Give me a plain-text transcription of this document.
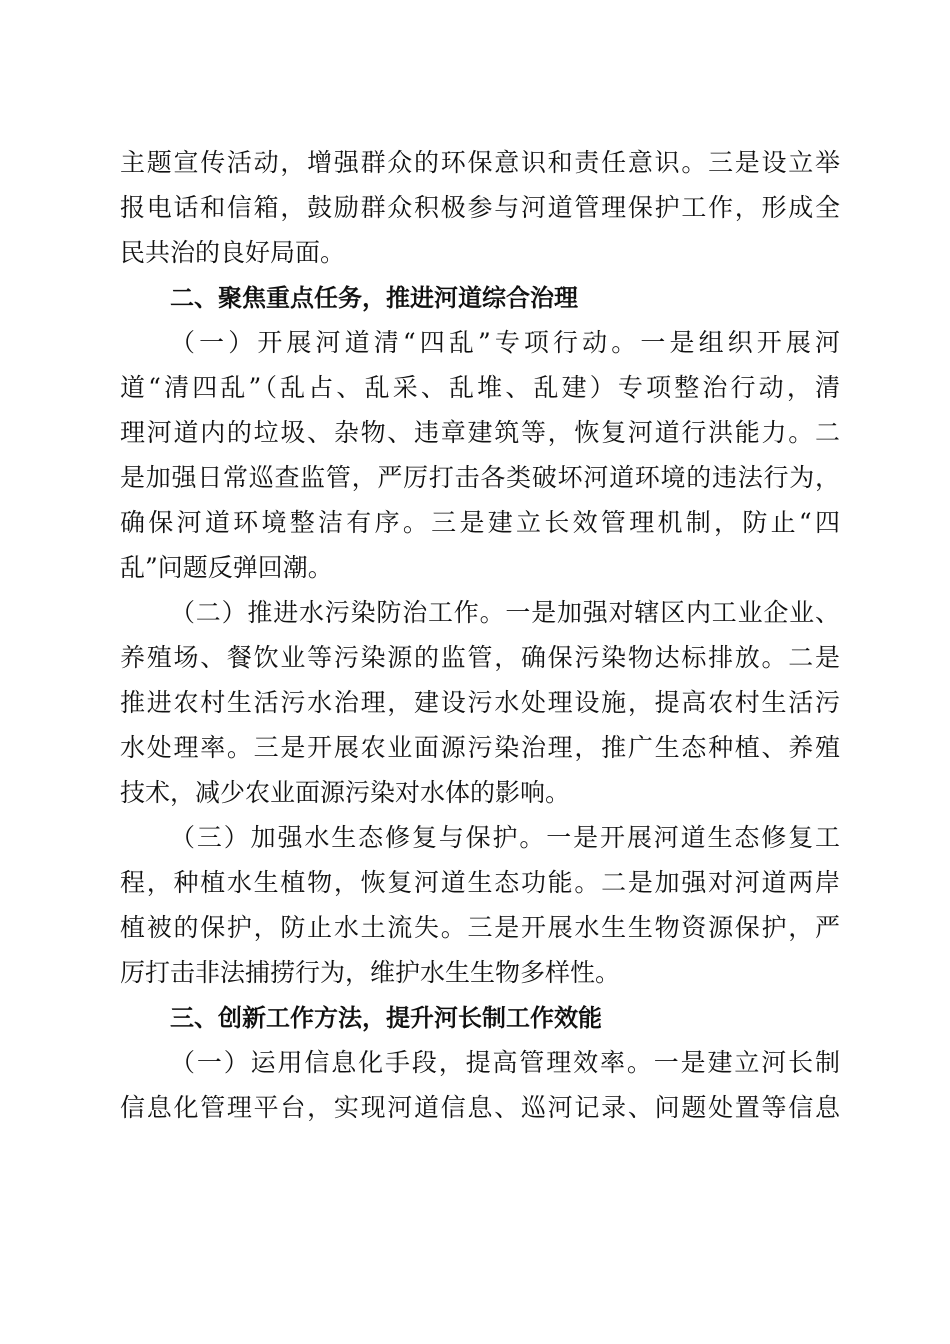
主题宣传活动，增强群众的环保意识和责任意识。三是设立举
报电话和信箱，鼓励群众积极参与河道管理保护工作，形成全
民共治的良好局面。
二、聚焦重点任务，推进河道综合治理
（一）开展河道清“四乱”专项行动。一是组织开展河
道“清四乱”（乱占、乱采、乱堆、乱建）专项整治行动，清
理河道内的垃圾、杂物、违章建筑等，恢复河道行洪能力。二
是加强日常巡查监管，严厉打击各类破坏河道环境的违法行为，
确保河道环境整洁有序。三是建立长效管理机制，防止“四
乱”问题反弹回潮。
（二）推进水污染防治工作。一是加强对辖区内工业企业、
养殖场、餐饮业等污染源的监管，确保污染物达标排放。二是
推进农村生活污水治理，建设污水处理设施，提高农村生活污
水处理率。三是开展农业面源污染治理，推广生态种植、养殖
技术，减少农业面源污染对水体的影响。
（三）加强水生态修复与保护。一是开展河道生态修复工
程，种植水生植物，恢复河道生态功能。二是加强对河道两岸
植被的保护，防止水土流失。三是开展水生生物资源保护，严
厉打击非法捕捞行为，维护水生生物多样性。
三、创新工作方法，提升河长制工作效能
（一）运用信息化手段，提高管理效率。一是建立河长制
信息化管理平台，实现河道信息、巡河记录、问题处置等信息
